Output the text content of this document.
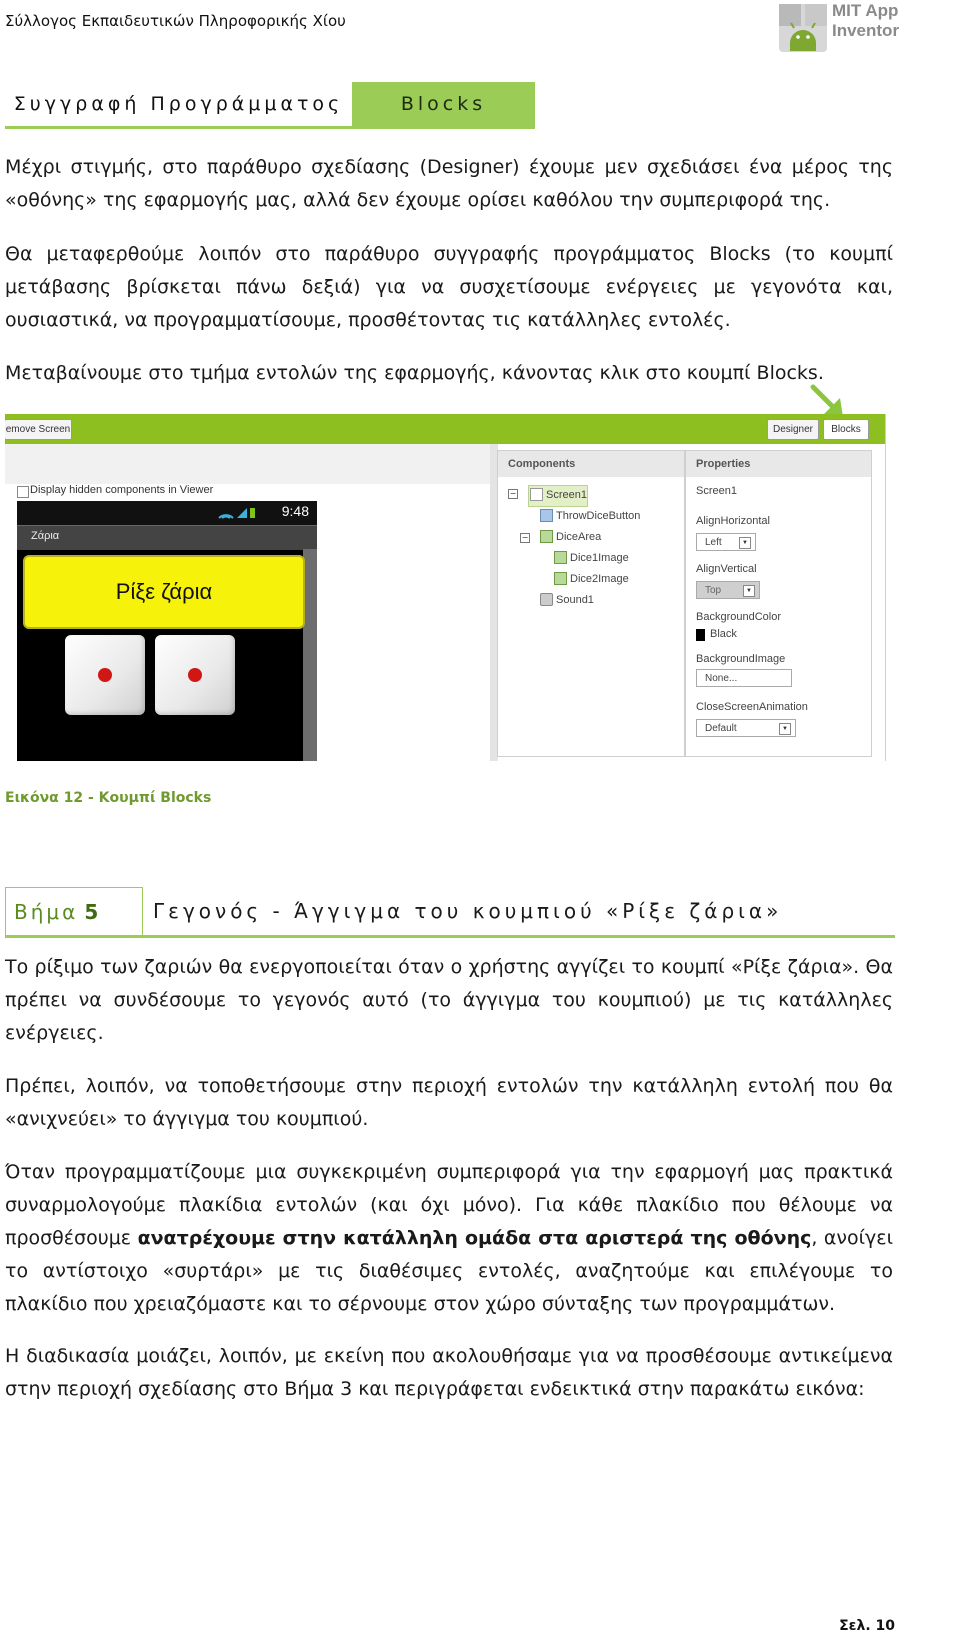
Σύλλογος Εκπαιδευτικών Πληροφορικής Χίου
MIT App Inventor
Συγγραφή Προγράμματος	Blocks
Μέχρι στιγμής, στο παράθυρο σχεδίασης (Designer) έχουμε μεν σχεδιάσει ένα μέρος της «οθόνης» της εφαρμογής μας, αλλά δεν έχουμε ορίσει καθόλου την συμπεριφορά της.
Θα μεταφερθούμε λοιπόν στο παράθυρο συγγραφής προγράμματος Blocks (το κουμπί μετάβασης βρίσκεται πάνω δεξιά) για να συσχετίσουμε ενέργειες με γεγονότα και, ουσιαστικά, να προγραμματίσουμε, προσθέτοντας τις κατάλληλες εντολές.
Μεταβαίνουμε στο τμήμα εντολών της εφαρμογής, κάνοντας κλικ στο κουμπί Blocks.
emove Screen	Designer	Blocks
Display hidden components in Viewer
9:48
Ζάρια
Ρίξε ζάρια
Components
−	Screen1
ThrowDiceButton
−	DiceArea
Dice1Image
Dice2Image
Sound1
Properties
Screen1
AlignHorizontal
Left	▼
AlignVertical
Top	▼
BackgroundColor
Black
BackgroundImage
None...
CloseScreenAnimation
Default	▼
Εικόνα 12 - Κουμπί Blocks
Βήμα 5	Γεγονός - Άγγιγμα του κουμπιού «Ρίξε ζάρια»
Το ρίξιμο των ζαριών θα ενεργοποιείται όταν ο χρήστης αγγίζει το κουμπί «Ρίξε ζάρια». Θα πρέπει να συνδέσουμε το γεγονός αυτό (το άγγιγμα του κουμπιού) με τις κατάλληλες ενέργειες.
Πρέπει, λοιπόν, να τοποθετήσουμε στην περιοχή εντολών την κατάλληλη εντολή που θα «ανιχνεύει» το άγγιγμα του κουμπιού.
Όταν προγραμματίζουμε μια συγκεκριμένη συμπεριφορά για την εφαρμογή μας πρακτικά συναρμολογούμε πλακίδια εντολών (και όχι μόνο). Για κάθε πλακίδιο που θέλουμε να προσθέσουμε ανατρέχουμε στην κατάλληλη ομάδα στα αριστερά της οθόνης, ανοίγει το αντίστοιχο «συρτάρι» με τις διαθέσιμες εντολές, αναζητούμε και επιλέγουμε το πλακίδιο που χρειαζόμαστε και το σέρνουμε στον χώρο σύνταξης των προγραμμάτων.
Η διαδικασία μοιάζει, λοιπόν, με εκείνη που ακολουθήσαμε για να προσθέσουμε αντικείμενα στην περιοχή σχεδίασης στο Βήμα 3 και περιγράφεται ενδεικτικά στην παρακάτω εικόνα:
Σελ. 10
